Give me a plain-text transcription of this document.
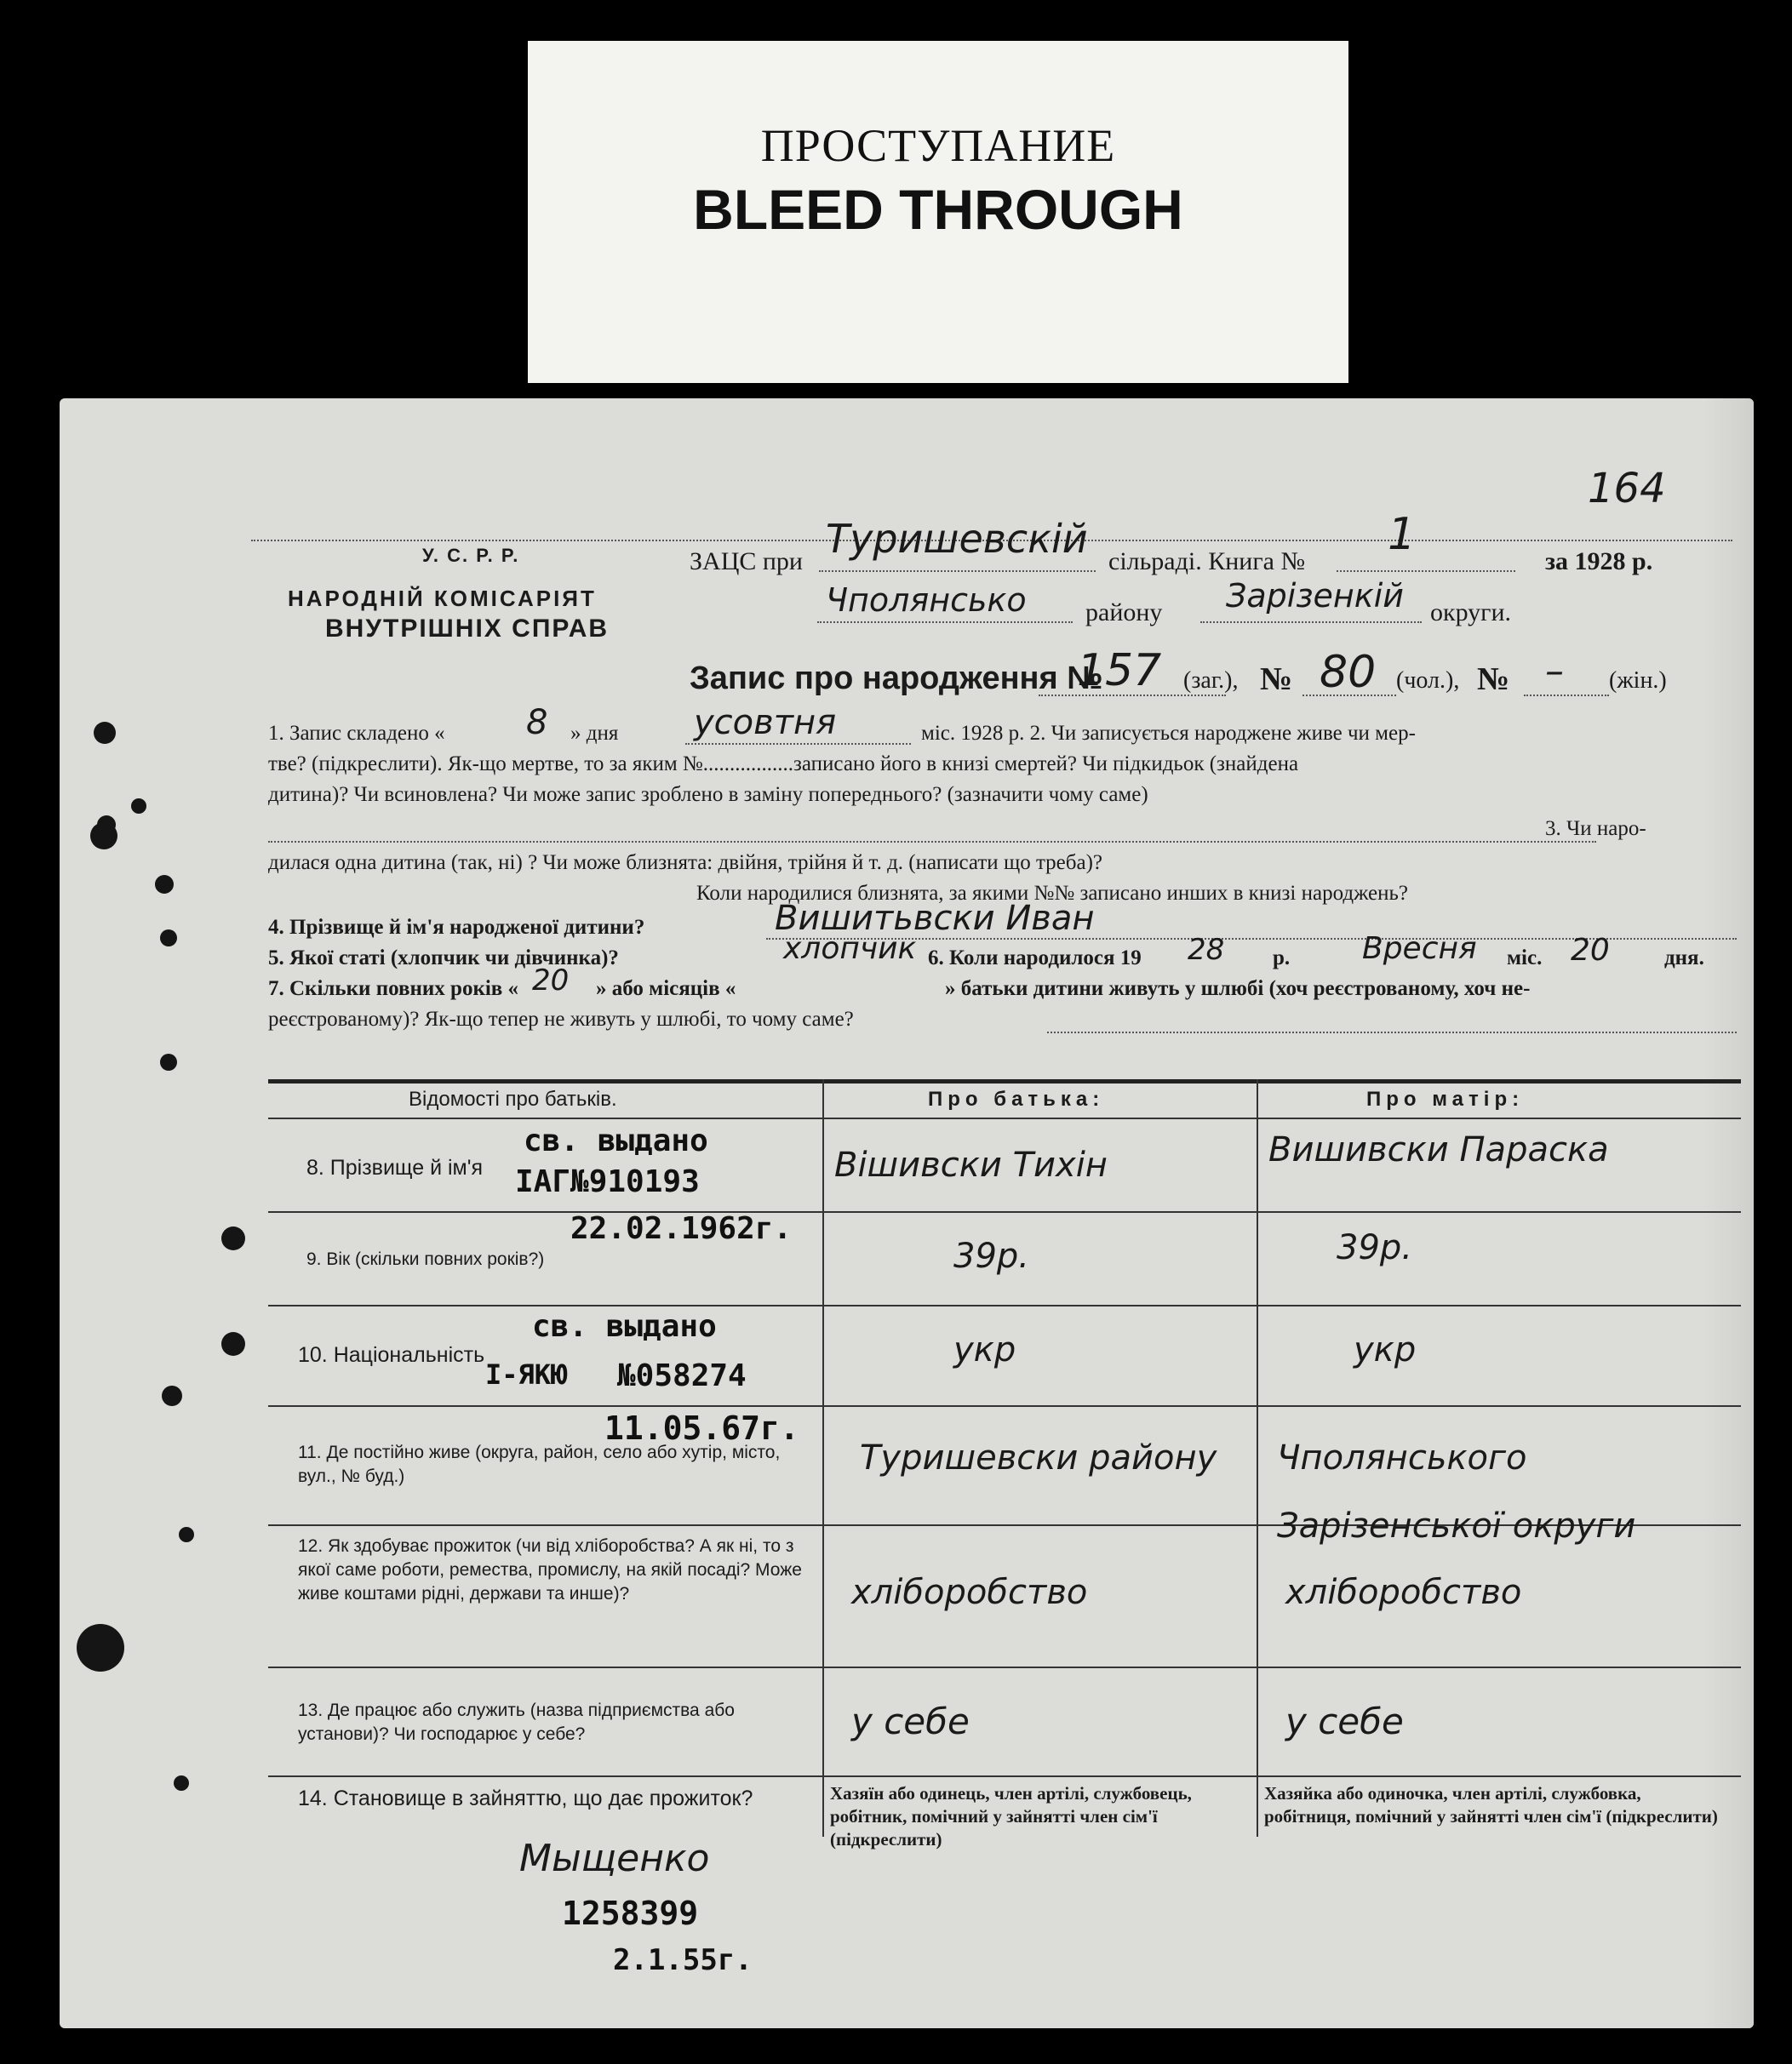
ПРОСТУПАНИЕ
BLEED THROUGH
164
У. С. Р. Р.
НАРОДНІЙ КОМІСАРІЯТ
ВНУТРІШНІХ СПРАВ
ЗАЦС при Туришевскій сільраді. Книга №
1
за 1928 р.
Чполянсько району Зарізенкій округи.
Запис про народження №
157 (заг.), № 80 (чол.), № – (жін.)
1. Запис складено « 8 » дня усовтня	міс. 1928 р. 2. Чи записується народжене живе чи мер-
тве? (підкреслити). Як-що мертве, то за яким №.................записано його в книзі смертей? Чи підкидьок (знайдена
дитина)? Чи всиновлена? Чи може запис зроблено в заміну попереднього? (зазначити чому саме)
3. Чи наро-
дилася одна дитина (так, ні) ? Чи може близнята: двійня, трійня й т. д. (написати що треба)?
Коли народилися близнята, за якими №№ записано инших в книзі народжень?
4. Прізвище й ім'я народженої дитини?	Вишитьвски Иван
5. Якої статі (хлопчик чи дівчинка)?	хлопчик 6. Коли народилося 19 28 р. Вресня міс. 20	дня.
7. Скільки повних років « 20 » або місяців «	» батьки дитини живуть у шлюбі (хоч реєстрованому, хоч не-
реєстрованому)? Як-що тепер не живуть у шлюбі, то чому саме?
Відомості про батьків.	Про батька:	Про матір:
8. Прізвище й ім'я	Вішивски Тихін	Вишивски Параска
9. Вік (скільки повних років?)	39р.	39р.
10. Національність	укр	укр
11. Де постійно живе (округа, район, село або хутір, місто, вул., № буд.)	Туришевски району	Чполянського Зарізенської округи
12. Як здобуває прожиток (чи від хліборобства? А як ні, то з якої саме роботи, ремества, промислу, на якій посаді? Може живе коштами рідні, держави та инше)?	хліборобство	хліборобство
13. Де працює або служить (назва підприємства або установи)? Чи господарює у себе?	у себе	у себе
14. Становище в зайняттю, що дає прожиток?	Хазяїн або одинець, член артілі, службовець, робітник, помічний у зайнятті член сім'ї (підкреслити)
Хазяйка або одиночка, член артілі, службовка, робітниця, помічний у зайнятті член сім'ї (підкреслити)
св. выдано
IАГ№910193
22.02.1962г.
св. выдано
I-ЯКЮ №058274
11.05.67г.
Мыщенко
1258399
2.1.55г.
